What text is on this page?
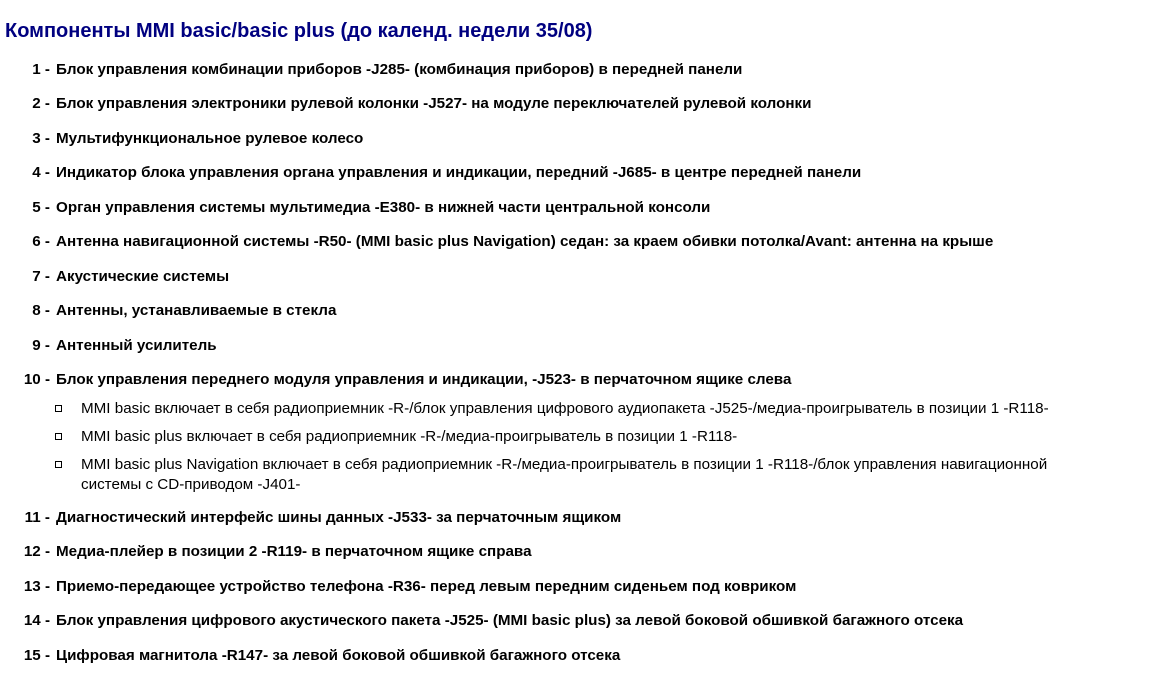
Компоненты MMI basic/basic plus (до календ. недели 35/08)
1 - Блок управления комбинации приборов -J285- (комбинация приборов) в передней панели
2 - Блок управления электроники рулевой колонки -J527- на модуле переключателей рулевой колонки
3 - Мультифункциональное рулевое колесо
4 - Индикатор блока управления органа управления и индикации, передний -J685- в центре передней панели
5 - Орган управления системы мультимедиа -E380- в нижней части центральной консоли
6 - Антенна навигационной системы -R50- (MMI basic plus Navigation) седан: за краем обивки потолка/Avant: антенна на крыше
7 - Акустические системы
8 - Антенны, устанавливаемые в стекла
9 - Антенный усилитель
10 - Блок управления переднего модуля управления и индикации, -J523- в перчаточном ящике слева
MMI basic включает в себя радиоприемник -R-/блок управления цифрового аудиопакета -J525-/медиа-проигрыватель в позиции 1 -R118-
MMI basic plus включает в себя радиоприемник -R-/медиа-проигрыватель в позиции 1 -R118-
MMI basic plus Navigation включает в себя радиоприемник -R-/медиа-проигрыватель в позиции 1 -R118-/блок управления навигационной
системы с CD-приводом -J401-
11 - Диагностический интерфейс шины данных -J533- за перчаточным ящиком
12 - Медиа-плейер в позиции 2 -R119- в перчаточном ящике справа
13 - Приемо-передающее устройство телефона -R36- перед левым передним сиденьем под ковриком
14 - Блок управления цифрового акустического пакета -J525- (MMI basic plus) за левой боковой обшивкой багажного отсека
15 - Цифровая магнитола -R147- за левой боковой обшивкой багажного отсека
